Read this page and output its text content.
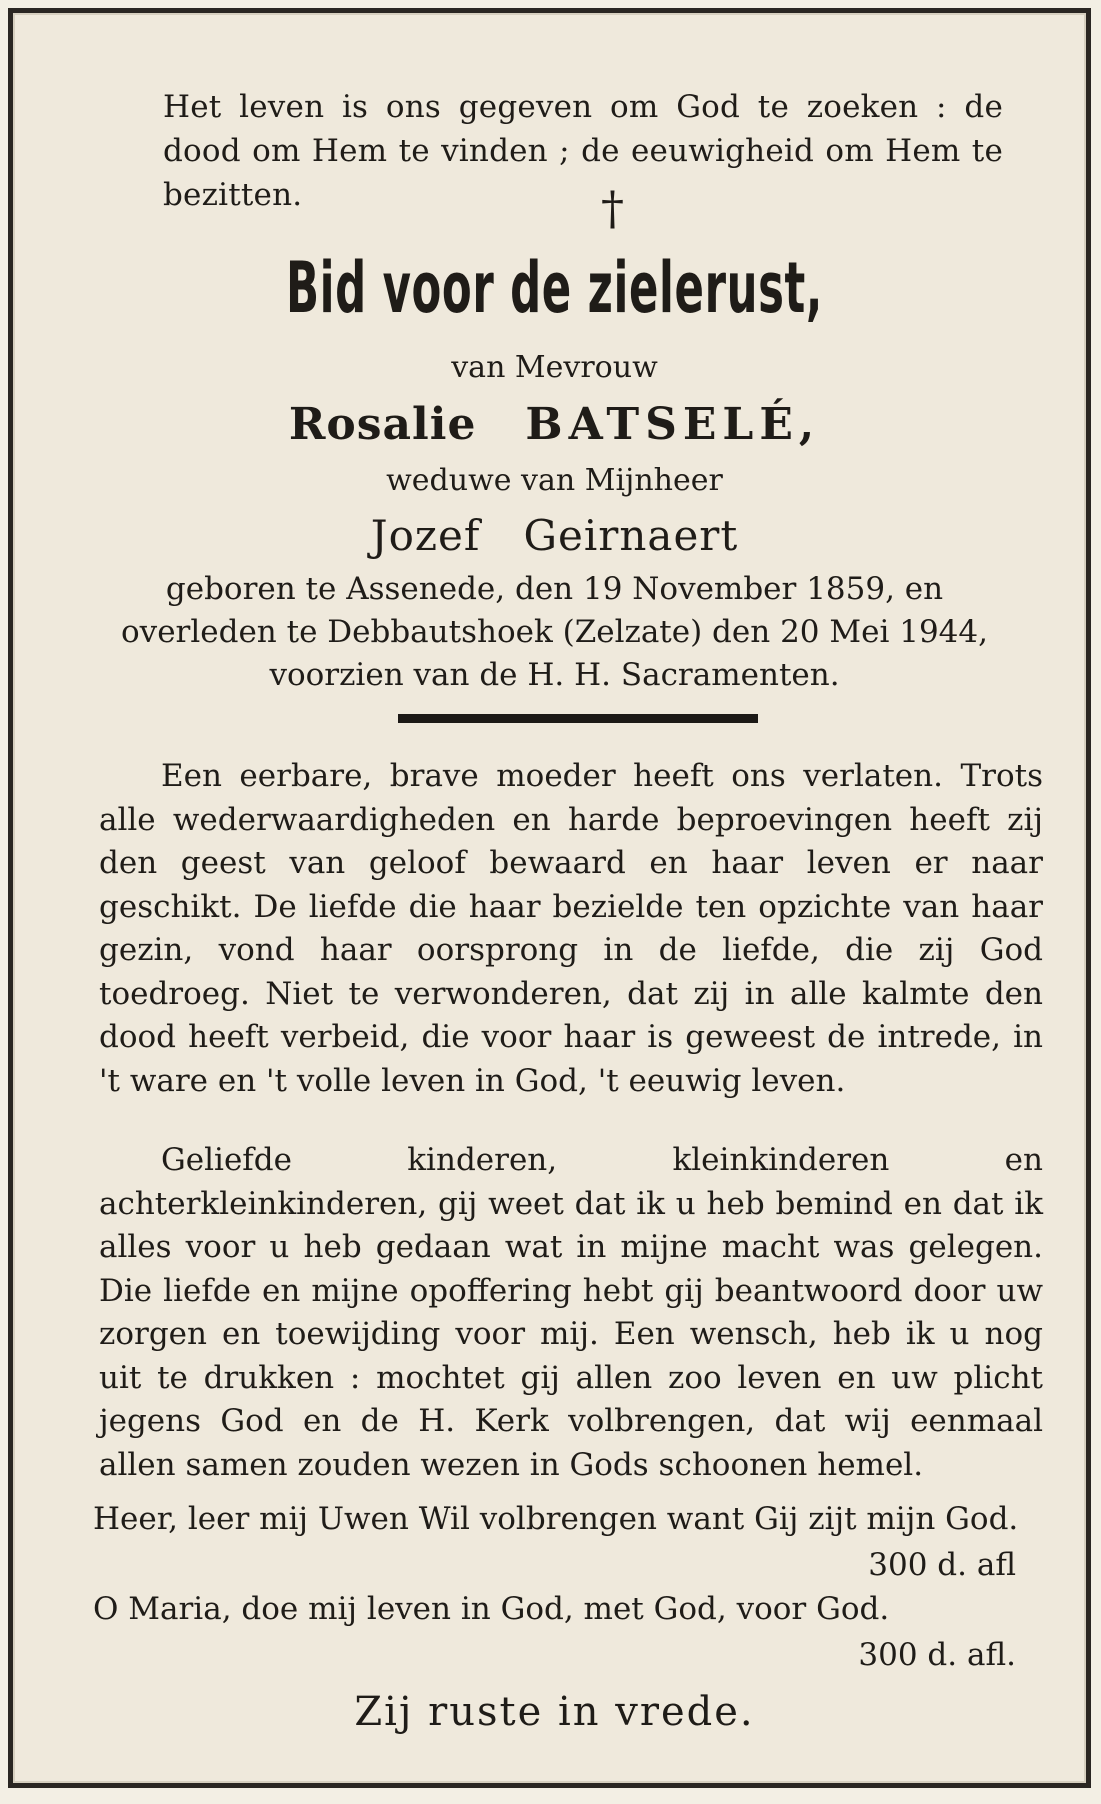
Het leven is ons gegeven om God te zoeken : de dood om Hem te vinden ; de eeuwigheid om Hem te bezitten.	†
Bid voor de zielerust,
van Mevrouw
Rosalie BATSELÉ,
weduwe van Mijnheer
Jozef   Geirnaert
geboren te Assenede, den 19 November 1859, en
overleden te Debbautshoek (Zelzate) den 20 Mei 1944,
voorzien van de H. H. Sacramenten.
Een eerbare, brave moeder heeft ons verlaten. Trots alle wederwaardigheden en harde beproevingen heeft zij den geest van geloof bewaard en haar leven er naar geschikt. De liefde die haar bezielde ten opzichte van haar gezin, vond haar oorsprong in de liefde, die zij God toedroeg. Niet te verwonderen, dat zij in alle kalmte den dood heeft verbeid, die voor haar is geweest de intrede, in 't ware en 't volle leven in God, 't eeuwig leven.
Geliefde kinderen, kleinkinderen en achterkleinkinderen, gij weet dat ik u heb bemind en dat ik alles voor u heb gedaan wat in mijne macht was gelegen. Die liefde en mijne opoffering hebt gij beantwoord door uw zorgen en toewijding voor mij. Een wensch, heb ik u nog uit te drukken : mochtet gij allen zoo leven en uw plicht jegens God en de H. Kerk volbrengen, dat wij eenmaal allen samen zouden wezen in Gods schoonen hemel.
Heer, leer mij Uwen Wil volbrengen want Gij zijt mijn God.
300 d. afl
O Maria, doe mij leven in God, met God, voor God.
300 d. afl.
Zij ruste in vrede.
